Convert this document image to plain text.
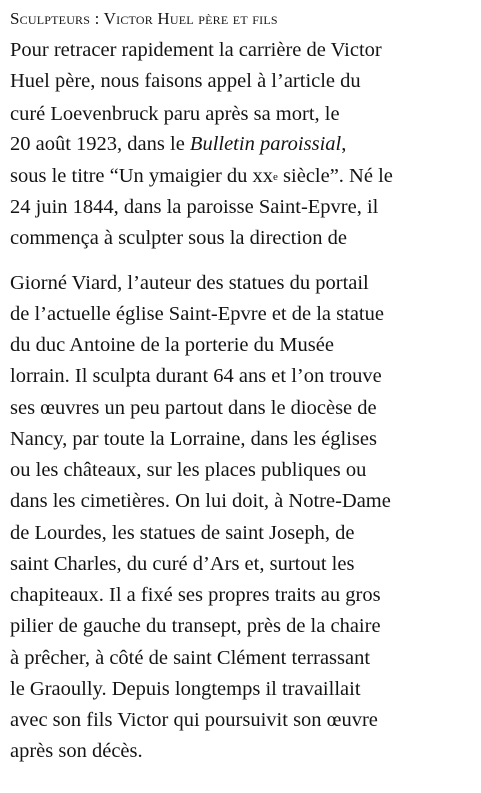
Sculpteurs : Victor Huel père et fils
Pour retracer rapidement la carrière de Victor
Huel père, nous faisons appel à l’article du
curé Loevenbruck paru après sa mort, le
20 août 1923, dans le Bulletin paroissial,
sous le titre “Un ymaigier du $xx^e$ siècle”. Né le
24 juin 1844, dans la paroisse Saint-Epvre, il
commença à sculpter sous la direction de
Giorné Viard, l’auteur des statues du portail
de l’actuelle église Saint-Epvre et de la statue
du duc Antoine de la porterie du Musée
lorrain. Il sculpta durant 64 ans et l’on trouve
ses œuvres un peu partout dans le diocèse de
Nancy, par toute la Lorraine, dans les églises
ou les châteaux, sur les places publiques ou
dans les cimetières. On lui doit, à Notre-Dame
de Lourdes, les statues de saint Joseph, de
saint Charles, du curé d’Ars et, surtout les
chapiteaux. Il a fixé ses propres traits au gros
pilier de gauche du transept, près de la chaire
à prêcher, à côté de saint Clément terrassant
le Graoully. Depuis longtemps il travaillait
avec son fils Victor qui poursuivit son œuvre
après son décès.
